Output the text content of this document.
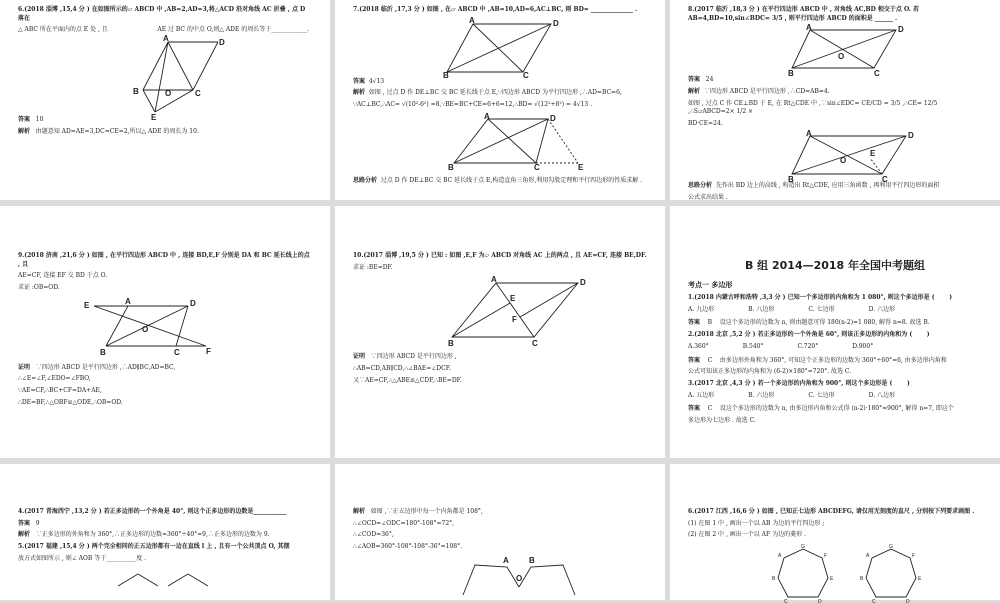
6.(2018 淄博 ,15,4 分 ) 在如图所示的▱ ABCD 中 ,AB=2,AD=3,将△ACD 沿对角线 AC 折叠 , 点 D 落在

△ ABC 所在平面内的点 E 处 , 且                          AE 过 BC 的中点 O,则△ ADE 的周长等于____________.

A	D
B	O	C
E

答案 10

解析 由题意知 AD=AE=3,DC=CE=2,所以△ ADE 的周长为 10.

7.(2018 临沂 ,17,3 分 ) 如图 , 在▱ ABCD 中 ,AB=10,AD=6,AC⊥BC, 则 BD= ______________ .

A	D
B	C

答案 4√13

解析 如图 , 过点 D 作 DE⊥BC 交 BC 延长线于点 E,∵四边形 ABCD 为平行四边形 ,∴AD=BC=6,

∵AC⊥BC,∴AC= √(10²-6²) =8,∵BE=BC+CE=6+6=12,∴BD= √(12²+8²) = 4√13 .

A	D
B	C	E

思路分析 过点 D 作 DE⊥BC 交 BC 延长线于点 E,构造直角三角形,利用勾股定理和平行四边形的性质求解 .

8.(2017 临沂 ,18,3 分 ) 在平行四边形 ABCD 中 , 对角线 AC,BD 相交于点 O. 若 AB=4,BD=10,sin∠BDC= 3/5 , 则平行四边形 ABCD 的面积是 ______ .

A	D
O
B	C

答案 24

解析 ∵四边形 ABCD 是平行四边形 ,∴CD=AB=4.

如图 , 过点 C 作 CE⊥BD 于 E, 在 Rt△CDE 中 ,∵sin∠EDC= CE/CD = 3/5 ,∴CE= 12/5 ,∴S▱ABCD=2× 1/2 ×

BD·CE=24.

A	D
O
E
B	C

思路分析 先作出 BD 边上的高线 , 构造出 Rt△CDE, 应用三角函数 , 再利用平行四边形的面积

公式求出结果 .

9.(2018 济南 ,21,6 分 ) 如图 , 在平行四边形 ABCD 中 , 连接 BD,E,F 分别是 DA 和 BC 延长线上的点 , 且

AE=CF, 连接 EF 交 BD 于点 O.

求证 :OB=OD.

A	D
E
O
B	C	F

证明 ∵四边形 ABCD 是平行四边形 ,∴AD∥BC,AD=BC,

∴∠E=∠F,∠EDO=∠FBO,

∵AE=CF,∴BC+CF=DA+AE,

∴DE=BF,∴△OBF≌△ODE,∴OB=OD.

10.(2017 淄博 ,19,5 分 ) 已知 : 如图 ,E,F 为▱ ABCD 对角线 AC 上的两点 , 且 AE=CF, 连接 BE,DF.

求证 :BE=DF.

A	D
E
F
B	C

证明 ∵四边形 ABCD 是平行四边形 ,

∴AB=CD,AB∥CD,∴∠BAE=∠DCF.

又∵AE=CF,∴△ABE≌△CDF,∴BE=DF.

B 组 2014—2018 年全国中考题组
考点一 多边形

1.(2018 内蒙古呼和浩特 ,3,3 分 ) 已知一个多边形的内角和为 1 080°, 则这个多边形是 (       )

A. 九边形	B. 八边形	C. 七边形	D. 六边形

答案 B    设这个多边形的边数为 n, 则由题意可得 180(n-2)=1 080, 解得 n=8. 故选 B.

2.(2018 北京 ,5,2 分 ) 若正多边形的一个外角是 60°, 则该正多边形的内角和为 (       )

A.360°	B.540°	C.720°	D.900°

答案 C    由多边形外角和为 360°, 可知这个正多边形的边数为 360°÷60°=6, 由多边形内角和

公式可知该正多边形的内角和为 (6-2)×180°=720°. 故选 C.

3.(2017 北京 ,4,3 分 ) 若一个多边形的内角和为 900°, 则这个多边形是 (       )

A. 五边形	B. 六边形	C. 七边形	D. 八边形

答案 C    设这个多边形的边数为 n, 由多边形内角和公式得 (n-2)·180°=900°, 解得 n=7, 即这个

多边形为七边形 . 故选 C.

4.(2017 青海西宁 ,13,2 分 ) 若正多边形的一个外角是 40°, 则这个正多边形的边数是___________

答案 9

解析 ∵正多边形的外角和为 360°,∴正多边形的边数=360°÷40°=9,∴正多边形的边数为 9.

5.(2017 福建 ,15,4 分 ) 两个完全相同的正五边形都有一边在直线 l 上 , 且有一个公共顶点 O, 其摆

放方式如图所示 , 则∠ AOB 等于__________度 .

解析 如图 ,∵正五边形中每一个内角都是 108°,

∴∠OCD=∠ODC=180°-108°=72°,

∴∠COD=36°,

∴∠AOB=360°-108°-108°-36°=108°.

A
O
B

6.(2017 江西 ,16,6 分 ) 如图 , 已知正七边形 ABCDEFG, 请仅用无刻度的直尺 , 分别按下列要求画图 .

(1) 在图 1 中 , 画出一个以 AB 为边的平行四边形 ;

(2) 在图 2 中 , 画出一个以 AF 为边的菱形 .

G
A	F
B	E
C	D
G
A	F
B	E
C	D
